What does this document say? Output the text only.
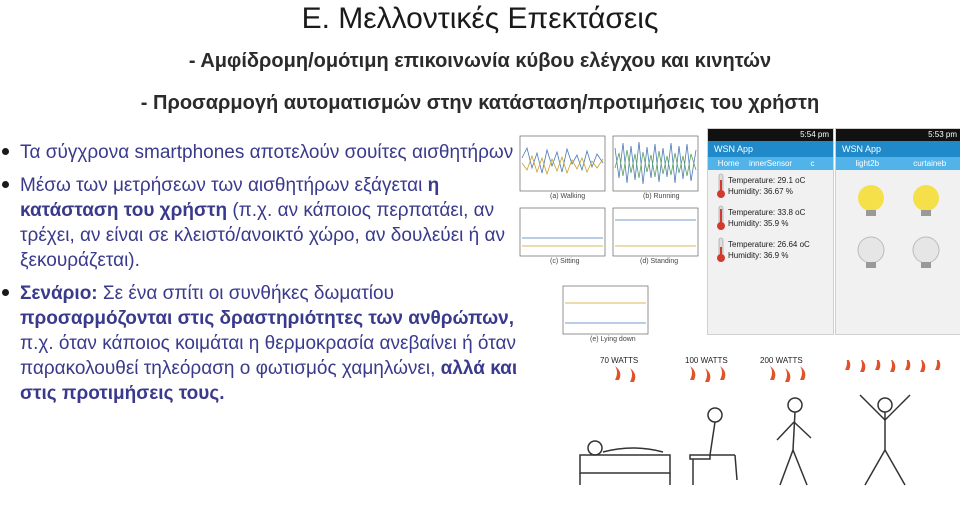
Ε. Μελλοντικές Επεκτάσεις
- Αμφίδρομη/ομότιμη επικοινωνία κύβου ελέγχου και κινητών
- Προσαρμογή αυτοματισμών στην κατάσταση/προτιμήσεις του χρήστη
Τα σύγχρονα smartphones αποτελούν σουίτες αισθητήρων
Μέσω των μετρήσεων των αισθητήρων εξάγεται η κατάσταση του χρήστη (π.χ. αν κάποιος περπατάει, αν τρέχει, αν είναι σε κλειστό/ανοικτό χώρο, αν δουλεύει ή αν ξεκουράζεται).
Σενάριο: Σε ένα σπίτι οι συνθήκες δωματίου προσαρμόζονται στις δραστηριότητες των ανθρώπων, π.χ. όταν κάποιος κοιμάται η θερμοκρασία ανεβαίνει ή όταν παρακολουθεί τηλεόραση ο φωτισμός χαμηλώνει, αλλά και στις προτιμήσεις τους.
(a) Walking	(b) Running
(c) Sitting	(d) Standing
(e) Lying down
5:54 pm
WSN App
Home	innerSensor	c
Temperature: 29.1 oC
Humidity: 36.67 %
Temperature: 33.8 oC
Humidity: 35.9 %
Temperature: 26.64 oC
Humidity: 36.9 %
5:53 pm
WSN App
light2b	curtaineb
70 WATTS	100 WATTS	200 WATTS
